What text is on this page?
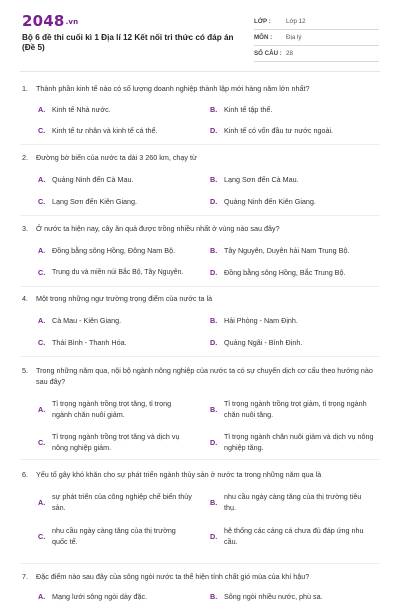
2048.vn
Bộ 6 đề thi cuối kì 1 Địa lí 12 Kết nối tri thức có đáp án (Đề 5)
LỚP : Lớp 12
MÔN : Địa lý
SỐ CÂU : 28
1. Thành phần kinh tế nào có số lượng doanh nghiệp thành lập mới hàng năm lớn nhất?
A. Kinh tế Nhà nước.	B. Kinh tế tập thể.
C. Kinh tế tư nhân và kinh tế cá thể.	D. Kinh tế có vốn đầu tư nước ngoài.
2. Đường bờ biển của nước ta dài 3 260 km, chạy từ
A. Quảng Ninh đến Cà Mau.	B. Lạng Sơn đến Cà Mau.
C. Lạng Sơn đến Kiên Giang.	D. Quảng Ninh đến Kiên Giang.
3. Ở nước ta hiện nay, cây ăn quả được trồng nhiều nhất ở vùng nào sau đây?
A. Đồng bằng sông Hồng, Đông Nam Bộ.	B. Tây Nguyên, Duyên hải Nam Trung Bộ.
C. Trung du và miền núi Bắc Bộ, Tây Nguyên.	D. Đồng bằng sông Hồng, Bắc Trung Bộ.
4. Một trong những ngư trường trọng điểm của nước ta là
A. Cà Mau - Kiên Giang.	B. Hải Phòng - Nam Định.
C. Thái Bình - Thanh Hóa.	D. Quảng Ngãi - Bình Định.
5. Trong những năm qua, nội bộ ngành nông nghiệp của nước ta có sự chuyển dịch cơ cấu theo hướng nào sau đây?
A.
Tỉ trọng ngành trồng trọt tăng, tỉ trọng ngành chăn nuôi giảm.	B.
Tỉ trọng ngành trồng trọt giảm, tỉ trọng ngành chăn nuôi tăng.
C.
Tỉ trọng ngành trồng trọt tăng và dịch vụ nông nghiệp giảm.	D.
Tỉ trọng ngành chăn nuôi giảm và dịch vụ nông nghiệp tăng.
6. Yếu tố gây khó khăn cho sự phát triển ngành thủy sản ở nước ta trong những năm qua là
A.
sự phát triển của công nghiệp chế biến thủy sản.	B.
nhu cầu ngày càng tăng của thị trường tiêu thụ.
C.
nhu cầu ngày càng tăng của thị trường quốc tế.	D.
hệ thống các cảng cá chưa đủ đáp ứng nhu cầu.
7. Đặc điểm nào sau đây của sông ngòi nước ta thể hiện tính chất gió mùa của khí hậu?
A. Mạng lưới sông ngòi dày đặc.	B. Sông ngòi nhiều nước, phù sa.
